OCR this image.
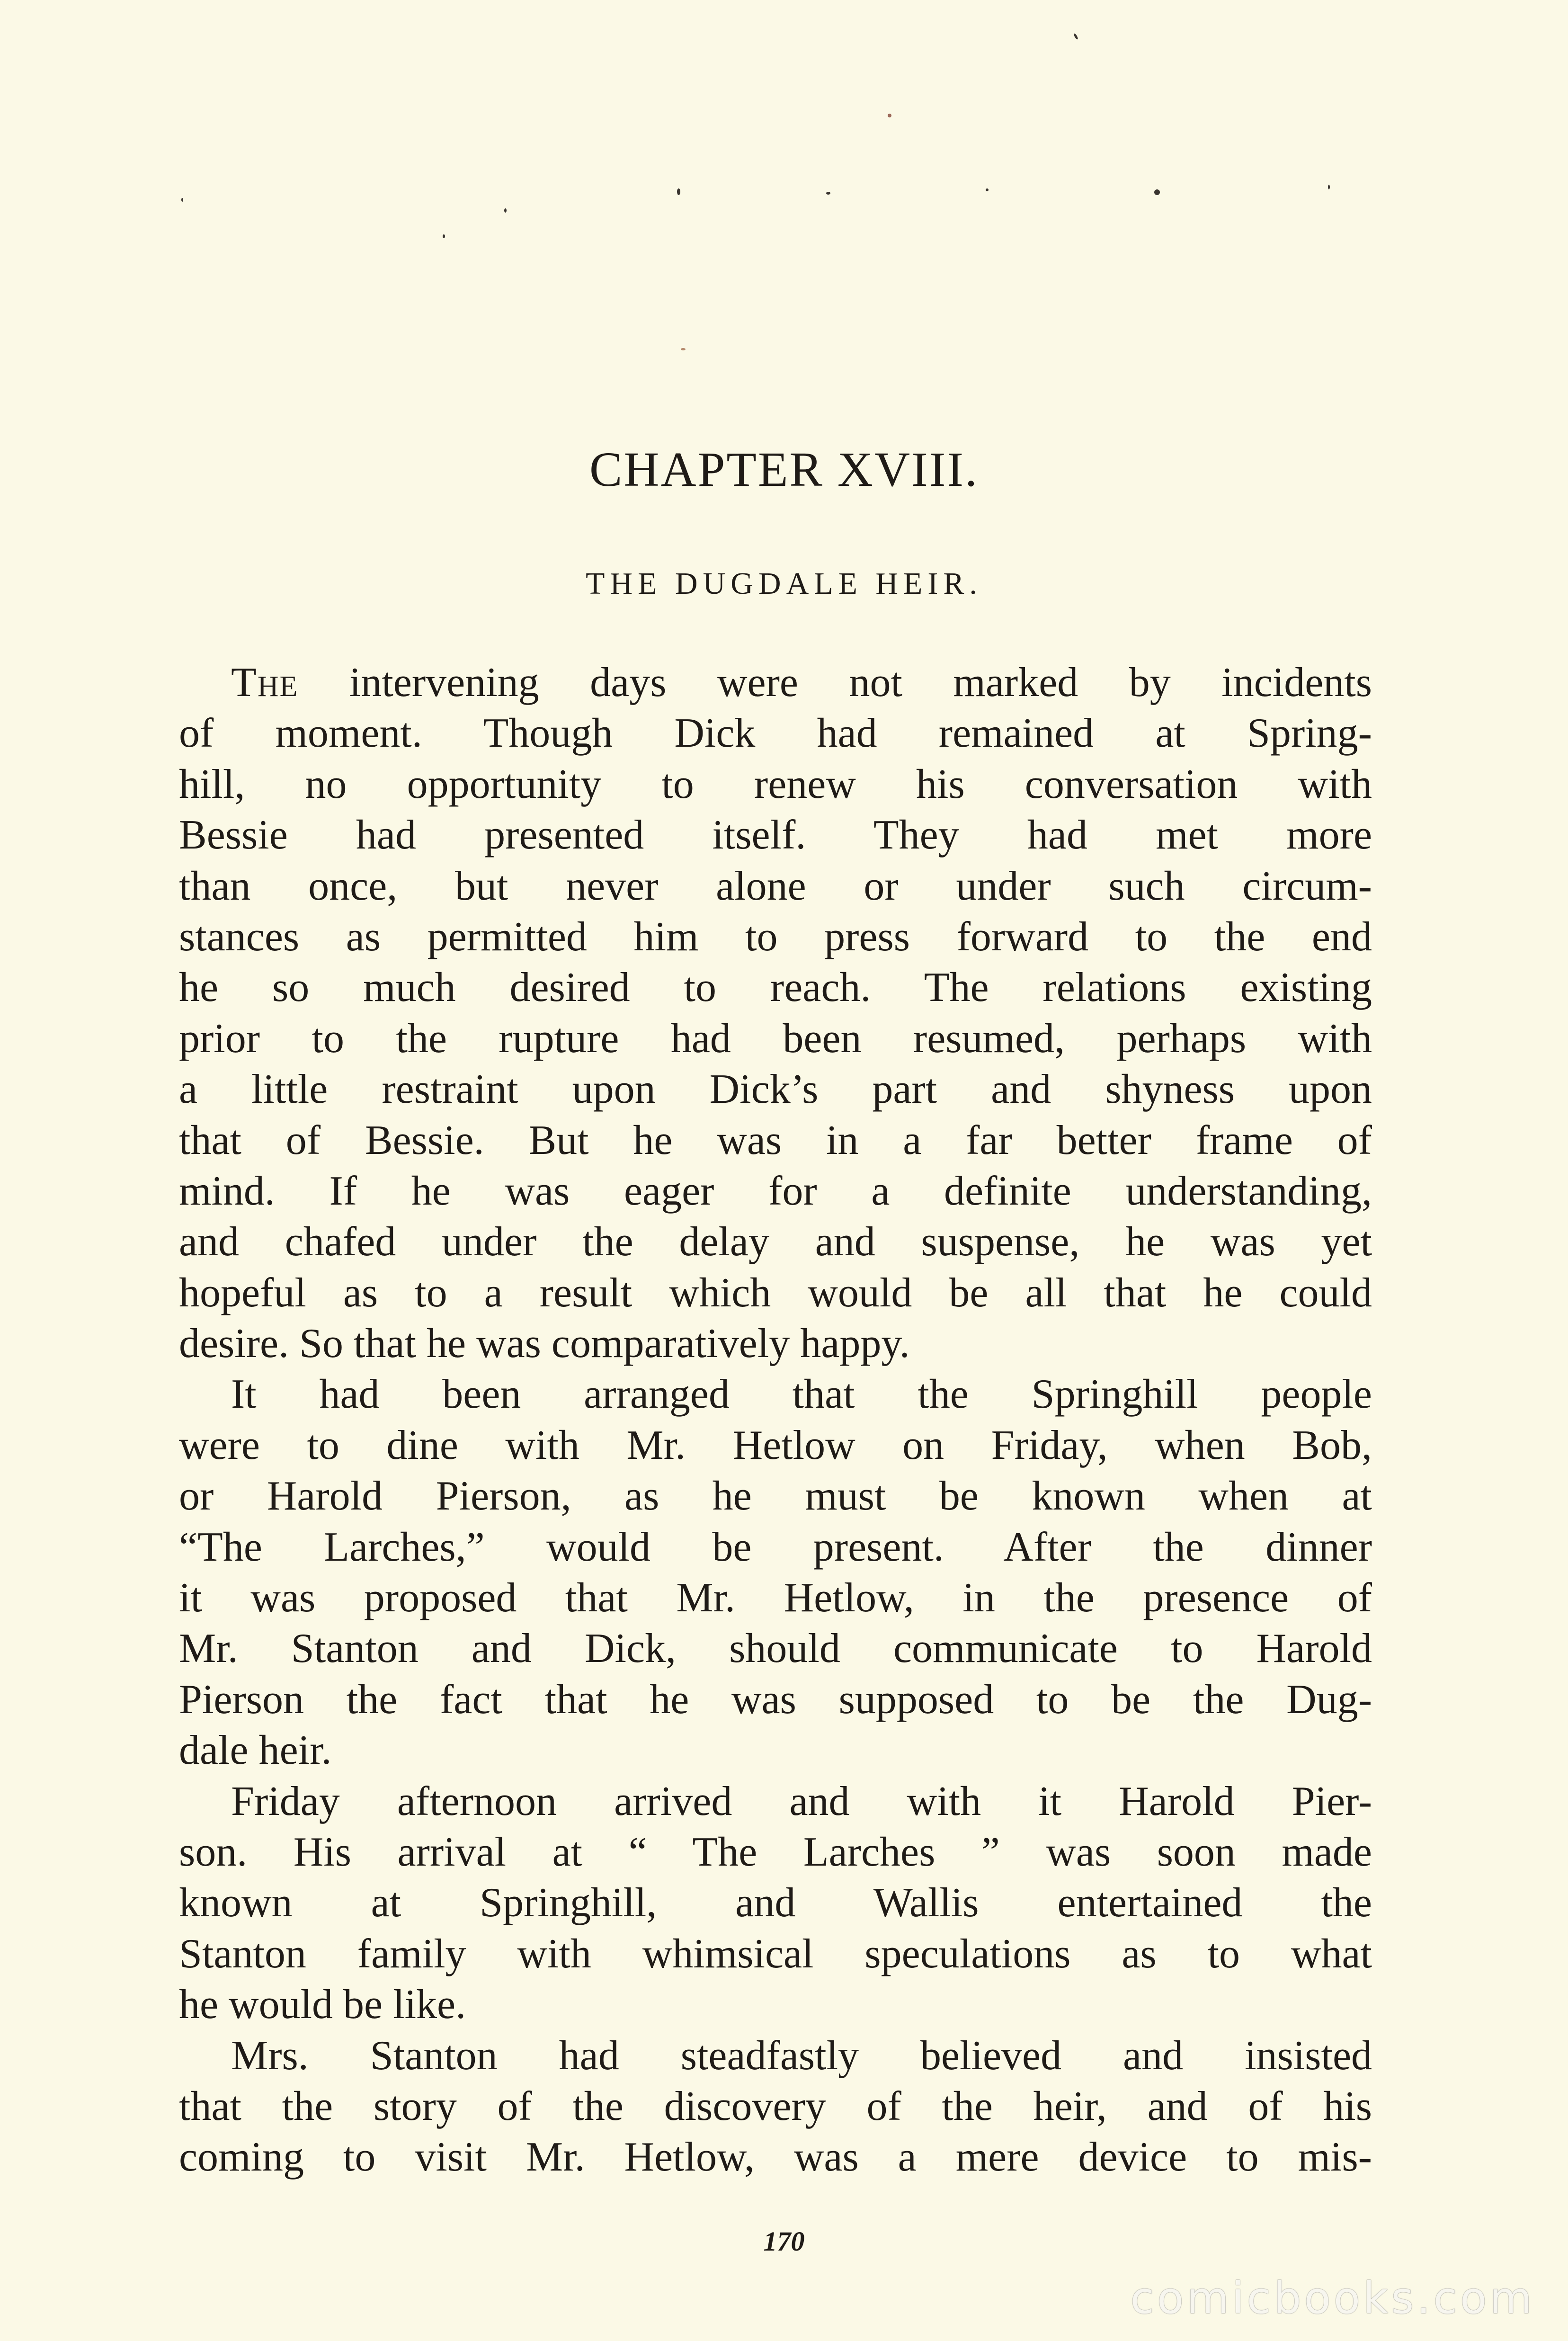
CHAPTER XVIII.
THE DUGDALE HEIR.
The intervening days were not marked by incidents
of moment. Though Dick had remained at Spring-
hill, no opportunity to renew his conversation with
Bessie had presented itself. They had met more
than once, but never alone or under such circum-
stances as permitted him to press forward to the end
he so much desired to reach. The relations existing
prior to the rupture had been resumed, perhaps with
a little restraint upon Dick’s part and shyness upon
that of Bessie. But he was in a far better frame of
mind. If he was eager for a definite understanding,
and chafed under the delay and suspense, he was yet
hopeful as to a result which would be all that he could
desire. So that he was comparatively happy.
It had been arranged that the Springhill people
were to dine with Mr. Hetlow on Friday, when Bob,
or Harold Pierson, as he must be known when at
“The Larches,” would be present. After the dinner
it was proposed that Mr. Hetlow, in the presence of
Mr. Stanton and Dick, should communicate to Harold
Pierson the fact that he was supposed to be the Dug-
dale heir.
Friday afternoon arrived and with it Harold Pier-
son. His arrival at “ The Larches ” was soon made
known at Springhill, and Wallis entertained the
Stanton family with whimsical speculations as to what
he would be like.
Mrs. Stanton had steadfastly believed and insisted
that the story of the discovery of the heir, and of his
coming to visit Mr. Hetlow, was a mere device to mis-
170
comicbooks.com
